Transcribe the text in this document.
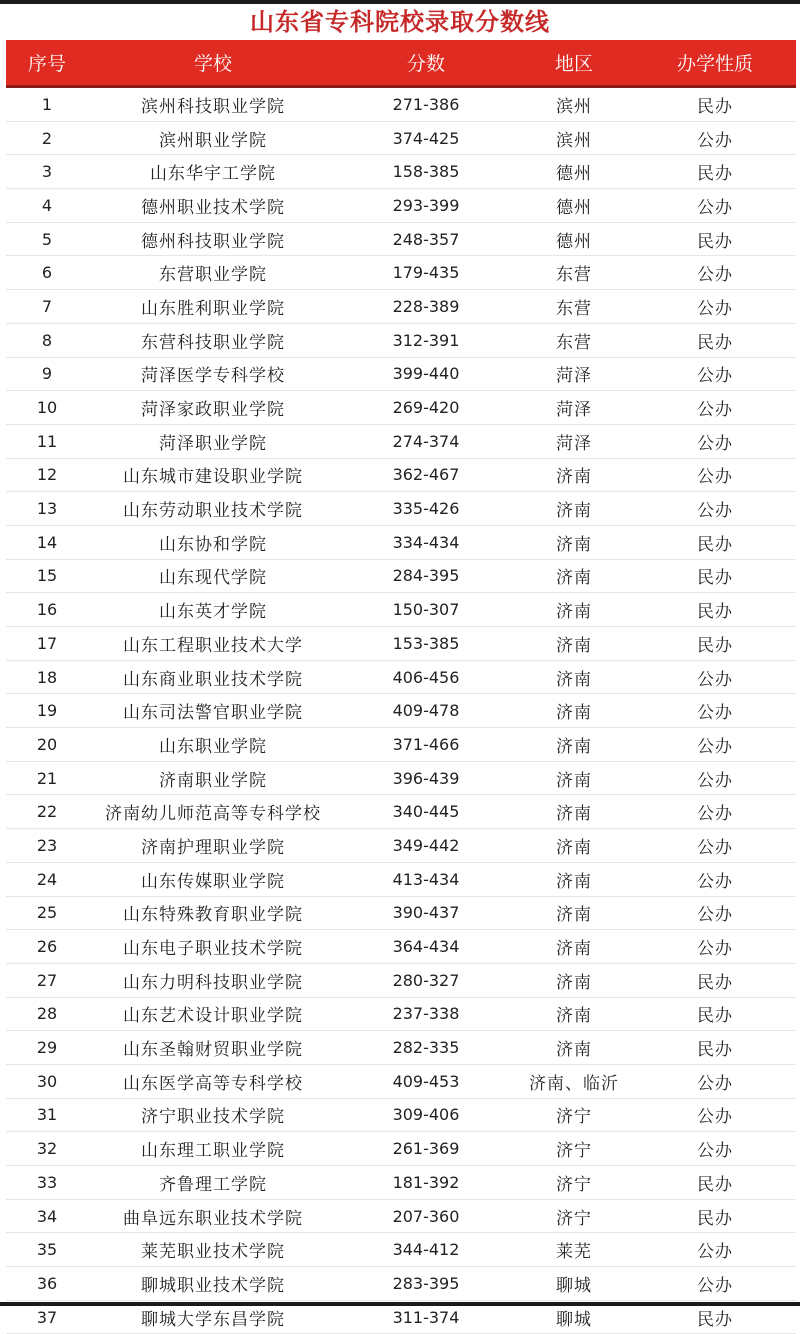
山东省专科院校录取分数线
序号	学校	分数	地区	办学性质
1	滨州科技职业学院	271-386	滨州	民办
2	滨州职业学院	374-425	滨州	公办
3	山东华宇工学院	158-385	德州	民办
4	德州职业技术学院	293-399	德州	公办
5	德州科技职业学院	248-357	德州	民办
6	东营职业学院	179-435	东营	公办
7	山东胜利职业学院	228-389	东营	公办
8	东营科技职业学院	312-391	东营	民办
9	菏泽医学专科学校	399-440	菏泽	公办
10	菏泽家政职业学院	269-420	菏泽	公办
11	菏泽职业学院	274-374	菏泽	公办
12	山东城市建设职业学院	362-467	济南	公办
13	山东劳动职业技术学院	335-426	济南	公办
14	山东协和学院	334-434	济南	民办
15	山东现代学院	284-395	济南	民办
16	山东英才学院	150-307	济南	民办
17	山东工程职业技术大学	153-385	济南	民办
18	山东商业职业技术学院	406-456	济南	公办
19	山东司法警官职业学院	409-478	济南	公办
20	山东职业学院	371-466	济南	公办
21	济南职业学院	396-439	济南	公办
22	济南幼儿师范高等专科学校	340-445	济南	公办
23	济南护理职业学院	349-442	济南	公办
24	山东传媒职业学院	413-434	济南	公办
25	山东特殊教育职业学院	390-437	济南	公办
26	山东电子职业技术学院	364-434	济南	公办
27	山东力明科技职业学院	280-327	济南	民办
28	山东艺术设计职业学院	237-338	济南	民办
29	山东圣翰财贸职业学院	282-335	济南	民办
30	山东医学高等专科学校	409-453	济南、临沂	公办
31	济宁职业技术学院	309-406	济宁	公办
32	山东理工职业学院	261-369	济宁	公办
33	齐鲁理工学院	181-392	济宁	民办
34	曲阜远东职业技术学院	207-360	济宁	民办
35	莱芜职业技术学院	344-412	莱芜	公办
36	聊城职业技术学院	283-395	聊城	公办
37	聊城大学东昌学院	311-374	聊城	民办
